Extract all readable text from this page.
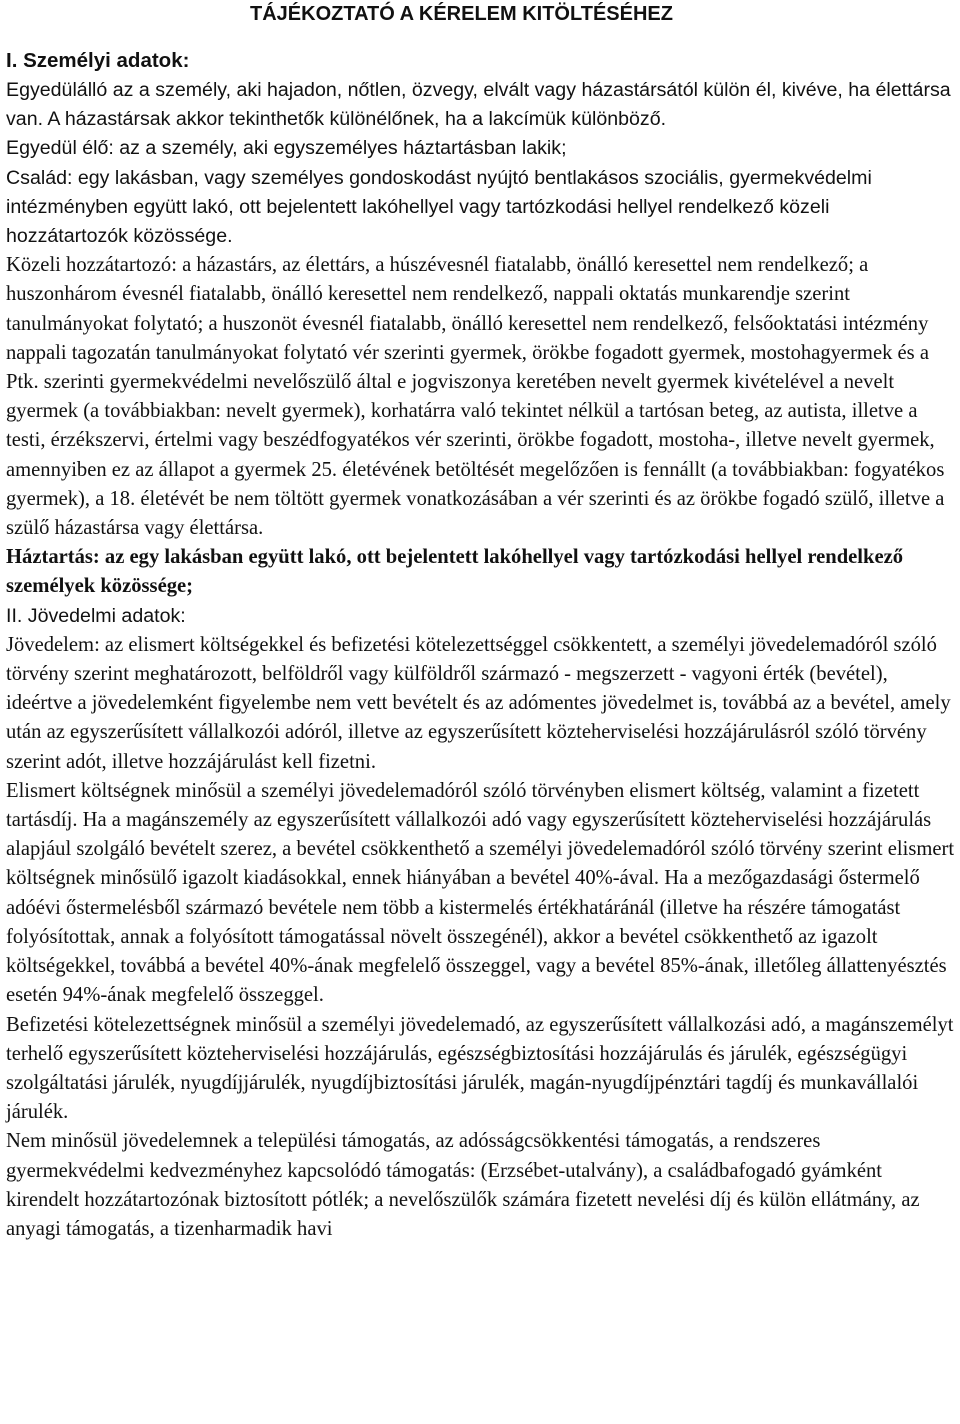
TÁJÉKOZTATÓ A KÉRELEM KITÖLTÉSÉHEZ
I. Személyi adatok:
Egyedülálló az a személy, aki hajadon, nőtlen, özvegy, elvált vagy házastársától külön él, kivéve, ha élettársa van. A házastársak akkor tekinthetők különélőnek, ha a lakcímük különböző.
Egyedül élő: az a személy, aki egyszemélyes háztartásban lakik;
Család: egy lakásban, vagy személyes gondoskodást nyújtó bentlakásos szociális, gyermekvédelmi intézményben együtt lakó, ott bejelentett lakóhellyel vagy tartózkodási hellyel rendelkező közeli hozzátartozók közössége.
Közeli hozzátartozó: a házastárs, az élettárs, a húszévesnél fiatalabb, önálló keresettel nem rendelkező; a huszonhárom évesnél fiatalabb, önálló keresettel nem rendelkező, nappali oktatás munkarendje szerint tanulmányokat folytató; a huszonöt évesnél fiatalabb, önálló keresettel nem rendelkező, felsőoktatási intézmény nappali tagozatán tanulmányokat folytató vér szerinti gyermek, örökbe fogadott gyermek, mostohagyermek és a Ptk. szerinti gyermekvédelmi nevelőszülő által e jogviszonya keretében nevelt gyermek kivételével a nevelt gyermek (a továbbiakban: nevelt gyermek), korhatárra való tekintet nélkül a tartósan beteg, az autista, illetve a testi, érzékszervi, értelmi vagy beszédfogyatékos vér szerinti, örökbe fogadott, mostoha-, illetve nevelt gyermek, amennyiben ez az állapot a gyermek 25. életévének betöltését megelőzően is fennállt (a továbbiakban: fogyatékos gyermek), a 18. életévét be nem töltött gyermek vonatkozásában a vér szerinti és az örökbe fogadó szülő, illetve a szülő házastársa vagy élettársa.
Háztartás: az egy lakásban együtt lakó, ott bejelentett lakóhellyel vagy tartózkodási hellyel rendelkező személyek közössége;
II. Jövedelmi adatok:
Jövedelem: az elismert költségekkel és befizetési kötelezettséggel csökkentett, a személyi jövedelemadóról szóló törvény szerint meghatározott, belföldről vagy külföldről származó - megszerzett - vagyoni érték (bevétel), ideértve a jövedelemként figyelembe nem vett bevételt és az adómentes jövedelmet is, továbbá az a bevétel, amely után az egyszerűsített vállalkozói adóról, illetve az egyszerűsített közteherviselési hozzájárulásról szóló törvény szerint adót, illetve hozzájárulást kell fizetni.
Elismert költségnek minősül a személyi jövedelemadóról szóló törvényben elismert költség, valamint a fizetett tartásdíj. Ha a magánszemély az egyszerűsített vállalkozói adó vagy egyszerűsített közteherviselési hozzájárulás alapjául szolgáló bevételt szerez, a bevétel csökkenthető a személyi jövedelemadóról szóló törvény szerint elismert költségnek minősülő igazolt kiadásokkal, ennek hiányában a bevétel 40%-ával. Ha a mezőgazdasági őstermelő adóévi őstermelésből származó bevétele nem több a kistermelés értékhatáránál (illetve ha részére támogatást folyósítottak, annak a folyósított támogatással növelt összegénél), akkor a bevétel csökkenthető az igazolt költségekkel, továbbá a bevétel 40%-ának megfelelő összeggel, vagy a bevétel 85%-ának, illetőleg állattenyésztés esetén 94%-ának megfelelő összeggel.
Befizetési kötelezettségnek minősül a személyi jövedelemadó, az egyszerűsített vállalkozási adó, a magánszemélyt terhelő egyszerűsített közteherviselési hozzájárulás, egészségbiztosítási hozzájárulás és járulék, egészségügyi szolgáltatási járulék, nyugdíjjárulék, nyugdíjbiztosítási járulék, magán-nyugdíjpénztári tagdíj és munkavállalói járulék.
Nem minősül jövedelemnek a települési támogatás, az adósságcsökkentési támogatás, a rendszeres gyermekvédelmi kedvezményhez kapcsolódó támogatás: (Erzsébet-utalvány), a családbafogadó gyámként kirendelt hozzátartozónak biztosított pótlék; a nevelőszülők számára fizetett nevelési díj és külön ellátmány, az anyagi támogatás, a tizenharmadik havi
